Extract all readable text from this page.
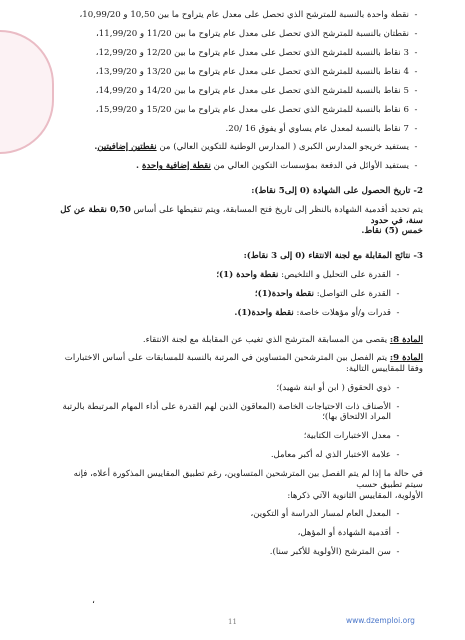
-
نقطة واحدة بالنسبة للمترشح الذي تحصل على معدل عام يتراوح ما بين 10,50 و 10,99/20،
-
نقطتان بالنسبة للمترشح الذي تحصل على معدل عام يتراوح ما بين 11/20 و 11,99/20،
-
3 نقاط بالنسبة للمترشح الذي تحصل على معدل عام يتراوح ما بين 12/20 و 12,99/20،
-
4 نقاط بالنسبة للمترشح الذي تحصل على معدل عام يتراوح ما بين 13/20 و 13,99/20،
-
5 نقاط بالنسبة للمترشح الذي تحصل على معدل عام يتراوح ما بين 14/20 و 14,99/20،
-
6 نقاط بالنسبة للمترشح الذي تحصل على معدل عام يتراوح ما بين 15/20 و 15,99/20،
-
7 نقاط بالنسبة لمعدل عام يساوي أو يفوق 16 /20.
-
يستفيد خريجو المدارس الكبرى ( المدارس الوطنية للتكوين العالي) من نقطتين إضافيتين.
-
يستفيد الأوائل في الدفعة بمؤسسات التكوين العالي من نقطة إضافية واحدة .
2- تاريخ الحصول على الشهادة (0 إلى5 نقاط):
يتم تحديد أقدمية الشهادة بالنظر إلى تاريخ فتح المسابقة، ويتم تنقيطها على أساس 0,50 نقطة عن كل سنة، في حدود
خمس (5) نقاط.
3- نتائج المقابلة مع لجنة الانتقاء (0 إلى 3 نقاط):
-
القدرة على التحليل و التلخيص: نقطة واحدة (1)؛
-
القدرة على التواصل: نقطة واحدة(1)؛
-
قدرات و/أو مؤهلات خاصة: نقطة واحدة(1).
المادة 8: يقصى من المسابقة المترشح الذي تغيب عن المقابلة مع لجنة الانتقاء.
المادة 9: يتم الفصل بين المترشحين المتساوين في المرتبة بالنسبة للمسابقات على أساس الاختبارات وفقا للمقاييس التالية:
-
ذوي الحقوق ( ابن أو ابنة شهيد)؛
-
الأصناف ذات الاحتياجات الخاصة (المعاقون الذين لهم القدرة على أداء المهام المرتبطة بالرتبة المراد الالتحاق بها)؛
-
معدل الاختبارات الكتابية؛
-
علامة الاختبار الذي له أكبر معامل.
في حالة ما إذا لم يتم الفصل بين المترشحين المتساوين، رغم تطبيق المقاييس المذكورة أعلاه، فإنه سيتم تطبيق حسب
الأولوية، المقاييس الثانوية الآتي ذكرها:
-
المعدل العام لمسار الدراسة أو التكوين،
-
أقدمية الشهادة أو المؤهل،
-
سن المترشح (الأولوية للأكبر سنا).
،
11	www.dzemploi.org
